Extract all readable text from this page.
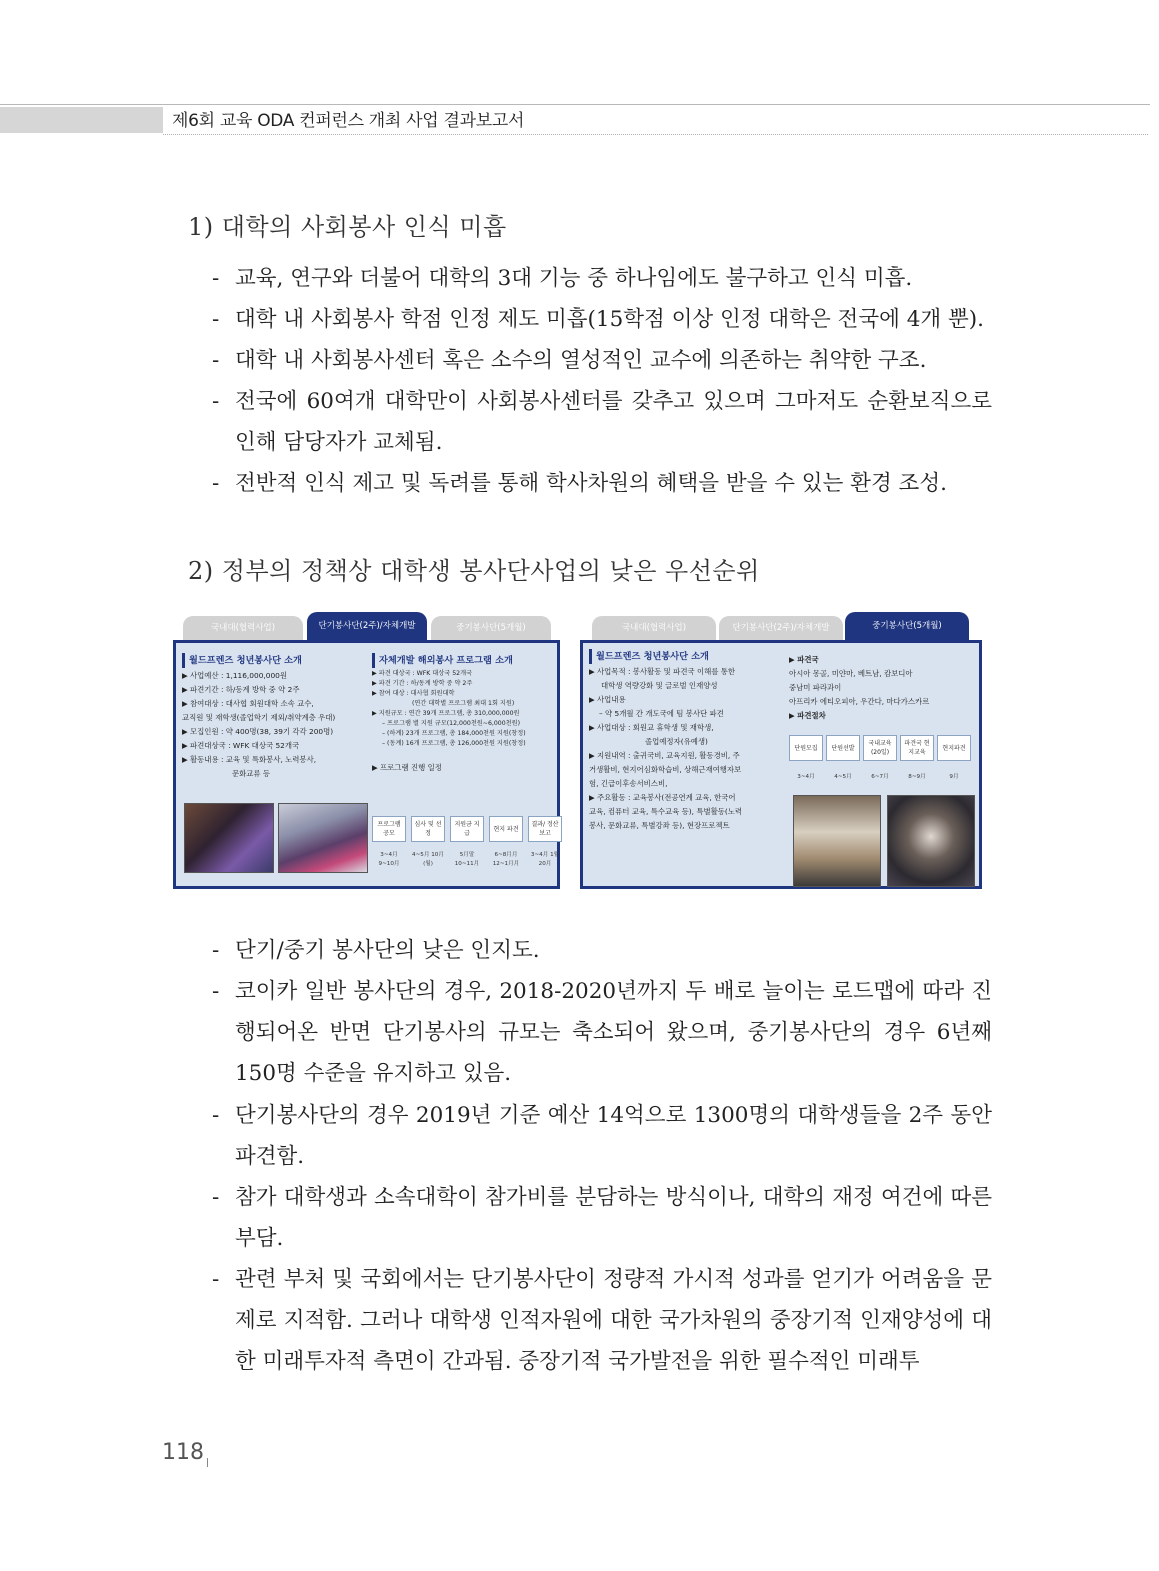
제6회 교육 ODA 컨퍼런스 개최 사업 결과보고서
1) 대학의 사회봉사 인식 미흡
- 교육, 연구와 더불어 대학의 3대 기능 중 하나임에도 불구하고 인식 미흡.
- 대학 내 사회봉사 학점 인정 제도 미흡(15학점 이상 인정 대학은 전국에 4개 뿐).
- 대학 내 사회봉사센터 혹은 소수의 열성적인 교수에 의존하는 취약한 구조.
- 전국에 60여개 대학만이 사회봉사센터를 갖추고 있으며 그마저도 순환보직으로 인해 담당자가 교체됨.
- 전반적 인식 제고 및 독려를 통해 학사차원의 혜택을 받을 수 있는 환경 조성.
2) 정부의 정책상 대학생 봉사단사업의 낮은 우선순위
국내대(협력사업)	단기봉사단(2주)/자체개발	중기봉사단(5개월)
월드프렌즈 청년봉사단 소개
▶ 사업예산 : 1,116,000,000원
▶ 파견기간 : 하/동계 방학 중 약 2주
▶ 참여대상 : 대사협 회원대학 소속 교수,
교직원 및 재학생(졸업학기 제외/취약계층 우대)
▶ 모집인원 : 약 400명(38, 39기 각각 200명)
▶ 파견대상국 : WFK 대상국 52개국
▶ 활동내용 : 교육 및 특화봉사, 노력봉사,
문화교류 등
자체개발 해외봉사 프로그램 소개
▶ 파견 대상국 : WFK 대상국 52개국
▶ 파견 기간 : 하/동계 방학 중 약 2주
▶ 참여 대상 : 대사협 회원대학
(연간 대학별 프로그램 최대 1회 지원)
▶ 지원규모 : 연간 39개 프로그램, 총 310,000,000원
– 프로그램 별 지원 규모(12,000천원~6,000천원)
– (하계) 23개 프로그램, 총 184,000천원 지원(창정)
– (동계) 16개 프로그램, 총 126,000천원 지원(창정)
▶ 프로그램 진행 일정
프로그램 공모
심사 및 선정
지원금 지급
현지 파견
결과/ 정산보고
3~4月 9~10月
4~5月 10月(월)
5月말 10~11月
6~8月月 12~1月月
3~4月 1월20月
국내대(협력사업)	단기봉사단(2주)/자체개발	중기봉사단(5개월)
월드프렌즈 청년봉사단 소개
▶ 사업목적 : 봉사활동 및 파견국 이해를 통한
대학생 역량강화 및 글로벌 인재양성
▶ 사업내용
– 약 5개월 간 개도국에 팀 봉사단 파견
▶ 사업대상 : 회원교 휴학생 및 재학생,
졸업예정자(유예생)
▶ 지원내역 : 출귀국비, 교육지원, 활동경비, 주
거생활비, 현지어심화학습비, 상해근재여행자보
험, 긴급이후송서비스비,
▶ 주요활동 : 교육봉사(전공연계 교육, 한국어
교육, 컴퓨터 교육, 특수교육 등), 특별활동(노력
봉사, 문화교류, 특별강좌 등), 현장프로젝트
▶ 파견국
아시아 몽골, 미얀마, 베트남, 캄보디아
중남미 파라과이
아프리카 에티오피아, 우간다, 마다가스카르
▶ 파견절차
단원모집	단원선발
국내교육 (20일)
파견국 현지교육
현지파견
3~4月	4~5月	6~7月	8~9月	9月
- 단기/중기 봉사단의 낮은 인지도.
- 코이카 일반 봉사단의 경우, 2018-2020년까지 두 배로 늘이는 로드맵에 따라 진행되어온 반면 단기봉사의 규모는 축소되어 왔으며, 중기봉사단의 경우 6년째 150명 수준을 유지하고 있음.
- 단기봉사단의 경우 2019년 기준 예산 14억으로 1300명의 대학생들을 2주 동안 파견함.
- 참가 대학생과 소속대학이 참가비를 분담하는 방식이나, 대학의 재정 여건에 따른 부담.
- 관련 부처 및 국회에서는 단기봉사단이 정량적 가시적 성과를 얻기가 어려움을 문제로 지적함. 그러나 대학생 인적자원에 대한 국가차원의 중장기적 인재양성에 대한 미래투자적 측면이 간과됨. 중장기적 국가발전을 위한 필수적인 미래투
118
